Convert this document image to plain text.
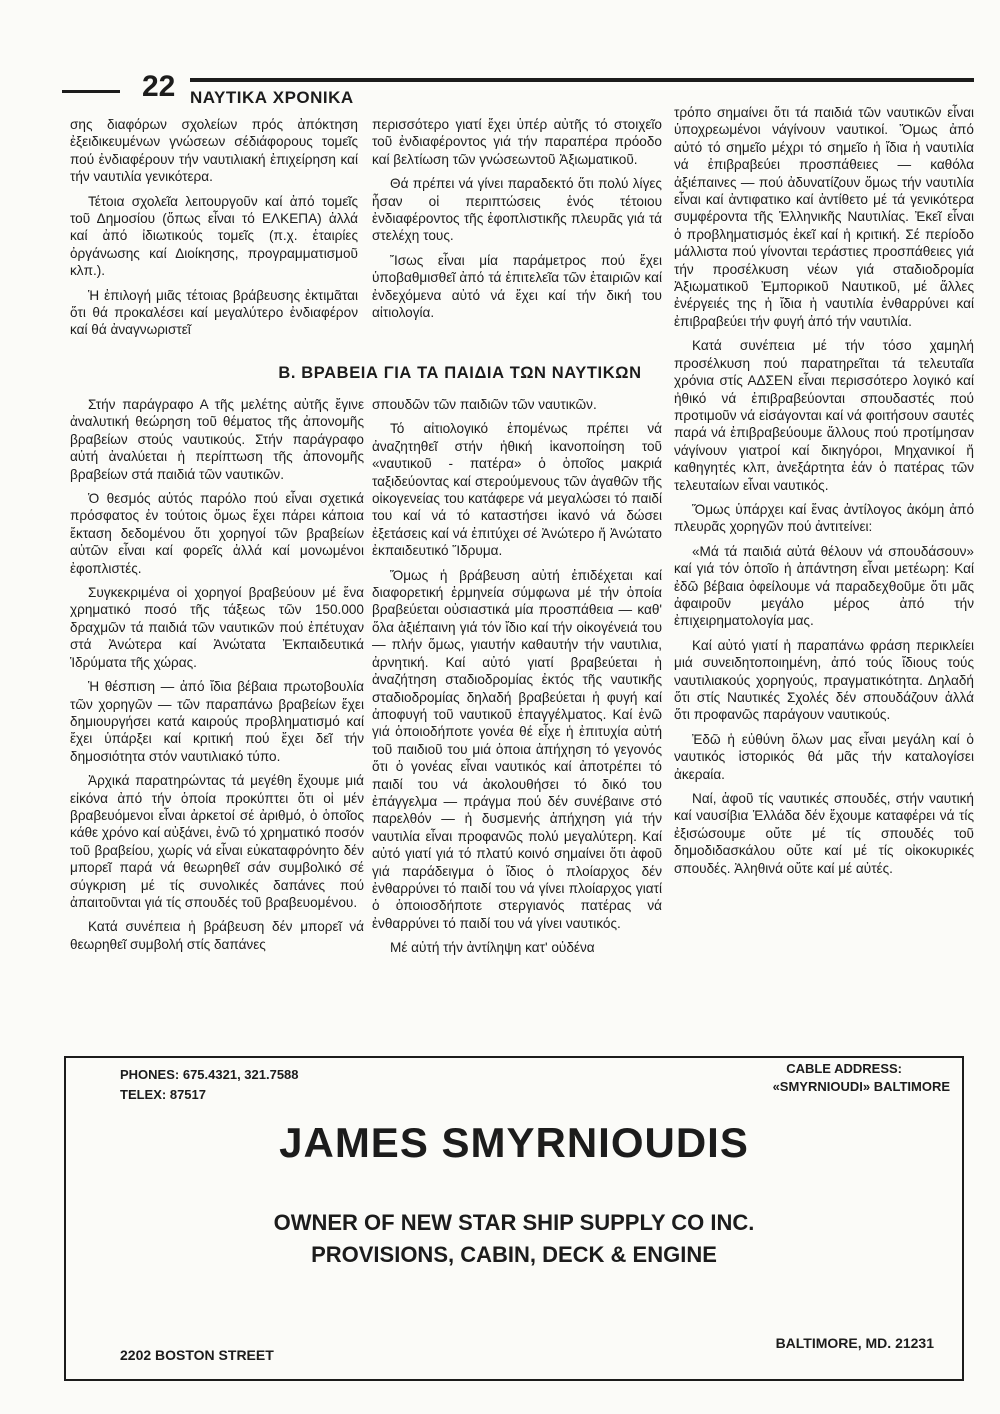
22 ΝΑΥΤΙΚΑ ΧΡΟΝΙΚΑ

σης διαφόρων σχολείων πρός ἀπόκτηση ἐξειδικευμένων γνώσεων σέδιάφορους τομεῖς πού ἐνδιαφέρουν τήν ναυτιλιακή ἐπιχείρηση καί τήν ναυτιλία γενικότερα.

Τέτοια σχολεῖα λειτουργοῦν καί ἀπό τομεῖς τοῦ Δημοσίου (ὅπως εἶναι τό ΕΛΚΕΠΑ) ἀλλά καί ἀπό ἰδιωτικούς τομεῖς (π.χ. ἑταιρίες ὀργάνωσης καί Διοίκησης, προγραμματισμοῦ κλπ.).

Ἡ ἐπιλογή μιᾶς τέτοιας βράβευσης ἐκτιμᾶται ὅτι θά προκαλέσει καί μεγαλύτερο ἐνδιαφέρον καί θά ἀναγνωριστεῖ

περισσότερο γιατί ἔχει ὑπέρ αὐτῆς τό στοιχεῖο τοῦ ἐνδιαφέροντος γιά τήν παραπέρα πρόοδο καί βελτίωση τῶν γνώσεωντοῦ Ἀξιωματικοῦ.

Θά πρέπει νά γίνει παραδεκτό ὅτι πολύ λίγες ἦσαν οἱ περιπτώσεις ἑνός τέτοιου ἐνδιαφέροντος τῆς ἐφοπλιστικῆς πλευρᾶς γιά τά στελέχη τους.

Ἴσως εἶναι μία παράμετρος πού ἔχει ὑποβαθμισθεῖ ἀπό τά ἐπιτελεῖα τῶν ἑταιριῶν καί ἐνδεχόμενα αὐτό νά ἔχει καί τήν δική του αἰτιολογία.

τρόπο σημαίνει ὅτι τά παιδιά τῶν ναυτικῶν εἶναι ὑποχρεωμένοι νάγίνουν ναυτικοί. Ὅμως ἀπό αὐτό τό σημεῖο μέχρι τό σημεῖο ἡ ἴδια ἡ ναυτιλία νά ἐπιβραβεύει προσπάθειες — καθόλα ἀξιέπαινες — πού ἀδυνατίζουν ὅμως τήν ναυτιλία εἶναι καί ἀντιφατικο καί ἀντίθετο μέ τά γενικότερα συμφέροντα τῆς Ἑλληνικῆς Ναυτιλίας. Ἐκεῖ εἶναι ὁ προβληματισμός ἐκεῖ καί ἡ κριτική. Σέ περίοδο μάλλιστα πού γίνονται τεράστιες προσπάθειες γιά τήν προσέλκυση νέων γιά σταδιοδρομία Ἀξιωματικοῦ Ἐμπορικοῦ Ναυτικοῦ, μέ ἄλλες ἐνέργειές της ἡ ἴδια ἡ ναυτιλία ἐνθαρρύνει καί ἐπιβραβεύει τήν φυγή ἀπό τήν ναυτιλία.

Κατά συνέπεια μέ τήν τόσο χαμηλή προσέλκυση πού παρατηρεῖται τά τελευταῖα χρόνια στίς ΑΔΣΕΝ εἶναι περισσότερο λογικό καί ἠθικό νά ἐπιβραβεύονται σπουδαστές πού προτιμοῦν νά εἰσάγονται καί νά φοιτήσουν σαυτές παρά νά ἐπιβραβεύουμε ἄλλους πού προτίμησαν νάγίνουν γιατροί καί δικηγόροι, Μηχανικοί ἤ καθηγητές κλπ, ἀνεξάρτητα ἐάν ὁ πατέρας τῶν τελευταίων εἶναι ναυτικός.

Ὅμως ὑπάρχει καί ἕνας ἀντίλογος ἀκόμη ἀπό πλευρᾶς χορηγῶν πού ἀντιτείνει:

«Μά τά παιδιά αὐτά θέλουν νά σπουδάσουν» καί γιά τόν ὁποῖο ἡ ἀπάντηση εἶναι μετέωρη: Καί ἐδῶ βέβαια ὀφείλουμε νά παραδεχθοῦμε ὅτι μᾶς ἀφαιροῦν μεγάλο μέρος ἀπό τήν ἐπιχειρηματολογία μας.

Καί αὐτό γιατί ἡ παραπάνω φράση περικλείει μιά συνειδητοποιημένη, ἀπό τούς ἴδιους τούς ναυτιλιακούς χορηγούς, πραγματικότητα. Δηλαδή ὅτι στίς Ναυτικές Σχολές δέν σπουδάζουν ἀλλά ὅτι προφανῶς παράγουν ναυτικούς.

Ἐδῶ ἡ εὐθύνη ὅλων μας εἶναι μεγάλη καί ὁ ναυτικός ἱστορικός θά μᾶς τήν καταλογίσει ἀκεραία.

Ναί, ἀφοῦ τίς ναυτικές σπουδές, στήν ναυτική καί ναυσίβια Ἑλλάδα δέν ἔχουμε καταφέρει νά τίς ἐξισώσουμε οὔτε μέ τίς σπουδές τοῦ δημοδιδασκάλου οὔτε καί μέ τίς οἰκοκυρικές σπουδές. Ἀληθινά οὔτε καί μέ αὐτές.

Β. ΒΡΑΒΕΙΑ ΓΙΑ ΤΑ ΠΑΙΔΙΑ ΤΩΝ ΝΑΥΤΙΚΩΝ

Στήν παράγραφο Α τῆς μελέτης αὐτῆς ἔγινε ἀναλυτική θεώρηση τοῦ θέματος τῆς ἀπονομῆς βραβείων στούς ναυτικούς. Στήν παράγραφο αὐτή ἀναλύεται ἡ περίπτωση τῆς ἀπονομῆς βραβείων στά παιδιά τῶν ναυτικῶν.

Ὁ θεσμός αὐτός παρόλο πού εἶναι σχετικά πρόσφατος ἐν τούτοις ὅμως ἔχει πάρει κάποια ἔκταση δεδομένου ὅτι χορηγοί τῶν βραβείων αὐτῶν εἶναι καί φορεῖς ἀλλά καί μονωμένοι ἐφοπλιστές.

Συγκεκριμένα οἱ χορηγοί βραβεύουν μέ ἕνα χρηματικό ποσό τῆς τάξεως τῶν 150.000 δραχμῶν τά παιδιά τῶν ναυτικῶν πού ἐπέτυχαν στά Ἀνώτερα καί Ἀνώτατα Ἐκπαιδευτικά Ἱδρύματα τῆς χώρας.

Ἡ θέσπιση — ἀπό ἴδια βέβαια πρωτοβουλία τῶν χορηγῶν — τῶν παραπάνω βραβείων ἔχει δημιουργήσει κατά καιρούς προβληματισμό καί ἔχει ὑπάρξει καί κριτική πού ἔχει δεῖ τήν δημοσιότητα στόν ναυτιλιακό τύπο.

Ἀρχικά παρατηρώντας τά μεγέθη ἔχουμε μιά εἰκόνα ἀπό τήν ὁποία προκύπτει ὅτι οἱ μέν βραβευόμενοι εἶναι ἀρκετοί σέ ἀριθμό, ὁ ὁποῖος κάθε χρόνο καί αὐξάνει, ἐνῶ τό χρηματικό ποσόν τοῦ βραβείου, χωρίς νά εἶναι εὐκαταφρόνητο δέν μπορεῖ παρά νά θεωρηθεῖ σάν συμβολικό σέ σύγκριση μέ τίς συνολικές δαπάνες πού ἀπαιτοῦνται γιά τίς σπουδές τοῦ βραβευομένου.

Κατά συνέπεια ἡ βράβευση δέν μπορεῖ νά θεωρηθεῖ συμβολή στίς δαπάνες

σπουδῶν τῶν παιδιῶν τῶν ναυτικῶν.

Τό αἰτιολογικό ἑπομένως πρέπει νά ἀναζητηθεῖ στήν ἠθική ἱκανοποίηση τοῦ «ναυτικοῦ - πατέρα» ὁ ὁποῖος μακριά ταξιδεύοντας καί στερούμενους τῶν ἀγαθῶν τῆς οἰκογενείας του κατάφερε νά μεγαλώσει τό παιδί του καί νά τό καταστήσει ἱκανό νά δώσει ἐξετάσεις καί νά ἐπιτύχει σέ Ἀνώτερο ἤ Ἀνώτατο ἐκπαιδευτικό Ἵδρυμα.

Ὅμως ἡ βράβευση αὐτή ἐπιδέχεται καί διαφορετική ἑρμηνεία σύμφωνα μέ τήν ὁποία βραβεύεται οὐσιαστικά μία προσπάθεια — καθ' ὅλα ἀξιέπαινη γιά τόν ἴδιο καί τήν οἰκογένειά του — πλήν ὅμως, γιαυτήν καθαυτήν τήν ναυτιλια, ἀρνητική. Καί αὐτό γιατί βραβεύεται ἡ ἀναζήτηση σταδιοδρομίας ἐκτός τῆς ναυτικῆς σταδιοδρομίας δηλαδή βραβεύεται ἡ φυγή καί ἀποφυγή τοῦ ναυτικοῦ ἐπαγγέλματος. Καί ἐνῶ γιά ὁποιοδήποτε γονέα θέ εἶχε ἡ ἐπιτυχία αὐτή τοῦ παιδιοῦ του μιά ὁποια ἀπήχηση τό γεγονός ὅτι ὁ γονέας εἶναι ναυτικός καί ἀποτρέπει τό παιδί του νά ἀκολουθήσει τό δικό του ἐπάγγελμα — πράγμα πού δέν συνέβαινε στό παρελθόν — ἡ δυσμενής ἀπήχηση γιά τήν ναυτιλία εἶναι προφανῶς πολύ μεγαλύτερη. Καί αὐτό γιατί γιά τό πλατύ κοινό σημαίνει ὅτι ἀφοῦ γιά παράδειγμα ὁ ἴδιος ὁ πλοίαρχος δέν ἐνθαρρύνει τό παιδί του νά γίνει πλοίαρχος γιατί ὁ ὁποιοσδήποτε στεργιανός πατέρας νά ἐνθαρρύνει τό παιδί του νά γίνει ναυτικός.

Μέ αὐτή τήν ἀντίληψη κατ' οὐδένα

PHONES: 675.4321, 321.7588
TELEX: 87517
CABLE ADDRESS:
«SMYRNIOUDI» BALTIMORE
JAMES SMYRNIOUDIS
OWNER OF NEW STAR SHIP SUPPLY CO INC.
PROVISIONS, CABIN, DECK & ENGINE
2202 BOSTON STREET
BALTIMORE, MD. 21231
